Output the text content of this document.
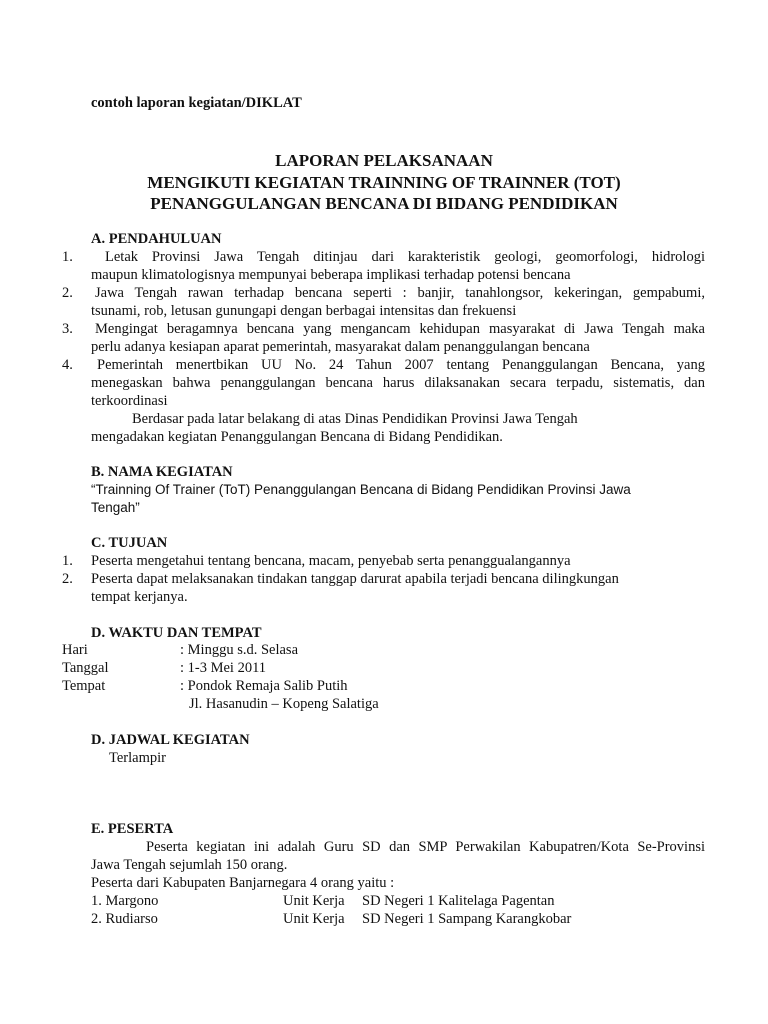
contoh laporan kegiatan/DIKLAT
LAPORAN PELAKSANAAN
MENGIKUTI KEGIATAN TRAINNING OF TRAINNER (TOT)
PENANGGULANGAN BENCANA DI BIDANG PENDIDIKAN
A. PENDAHULUAN
1.	Letak Provinsi Jawa Tengah ditinjau dari karakteristik geologi, geomorfologi, hidrologi
maupun klimatologisnya mempunyai beberapa implikasi terhadap potensi bencana
2. Jawa Tengah rawan terhadap bencana seperti : banjir, tanahlongsor, kekeringan, gempabumi,
tsunami, rob, letusan gunungapi dengan berbagai intensitas dan frekuensi
3. Mengingat beragamnya bencana yang mengancam kehidupan masyarakat di Jawa Tengah maka
perlu adanya kesiapan aparat pemerintah, masyarakat dalam penanggulangan bencana
4.	Pemerintah menertbikan UU No. 24 Tahun 2007 tentang Penanggulangan Bencana, yang
menegaskan bahwa penanggulangan bencana harus dilaksanakan secara terpadu, sistematis, dan
terkoordinasi
Berdasar pada latar belakang di atas Dinas Pendidikan Provinsi Jawa Tengah
mengadakan kegiatan Penanggulangan Bencana di Bidang Pendidikan.
B. NAMA KEGIATAN
“Trainning Of Trainer (ToT) Penanggulangan Bencana di Bidang Pendidikan Provinsi Jawa
Tengah”
C. TUJUAN
1. Peserta mengetahui tentang bencana, macam, penyebab serta penanggualangannya
2. Peserta dapat melaksanakan tindakan tanggap darurat apabila terjadi bencana dilingkungan
tempat kerjanya.
D. WAKTU DAN TEMPAT
Hari	: Minggu s.d. Selasa
Tanggal	: 1-3 Mei 2011
Tempat	: Pondok Remaja Salib Putih
Jl. Hasanudin – Kopeng Salatiga
D. JADWAL KEGIATAN
Terlampir
E. PESERTA
Peserta kegiatan ini adalah Guru SD dan SMP Perwakilan Kabupatren/Kota Se-Provinsi
Jawa Tengah sejumlah 150 orang.
Peserta dari Kabupaten Banjarnegara 4 orang yaitu :
1. Margono	Unit Kerja SD Negeri 1 Kalitelaga Pagentan
2. Rudiarso	Unit Kerja SD Negeri 1 Sampang Karangkobar
